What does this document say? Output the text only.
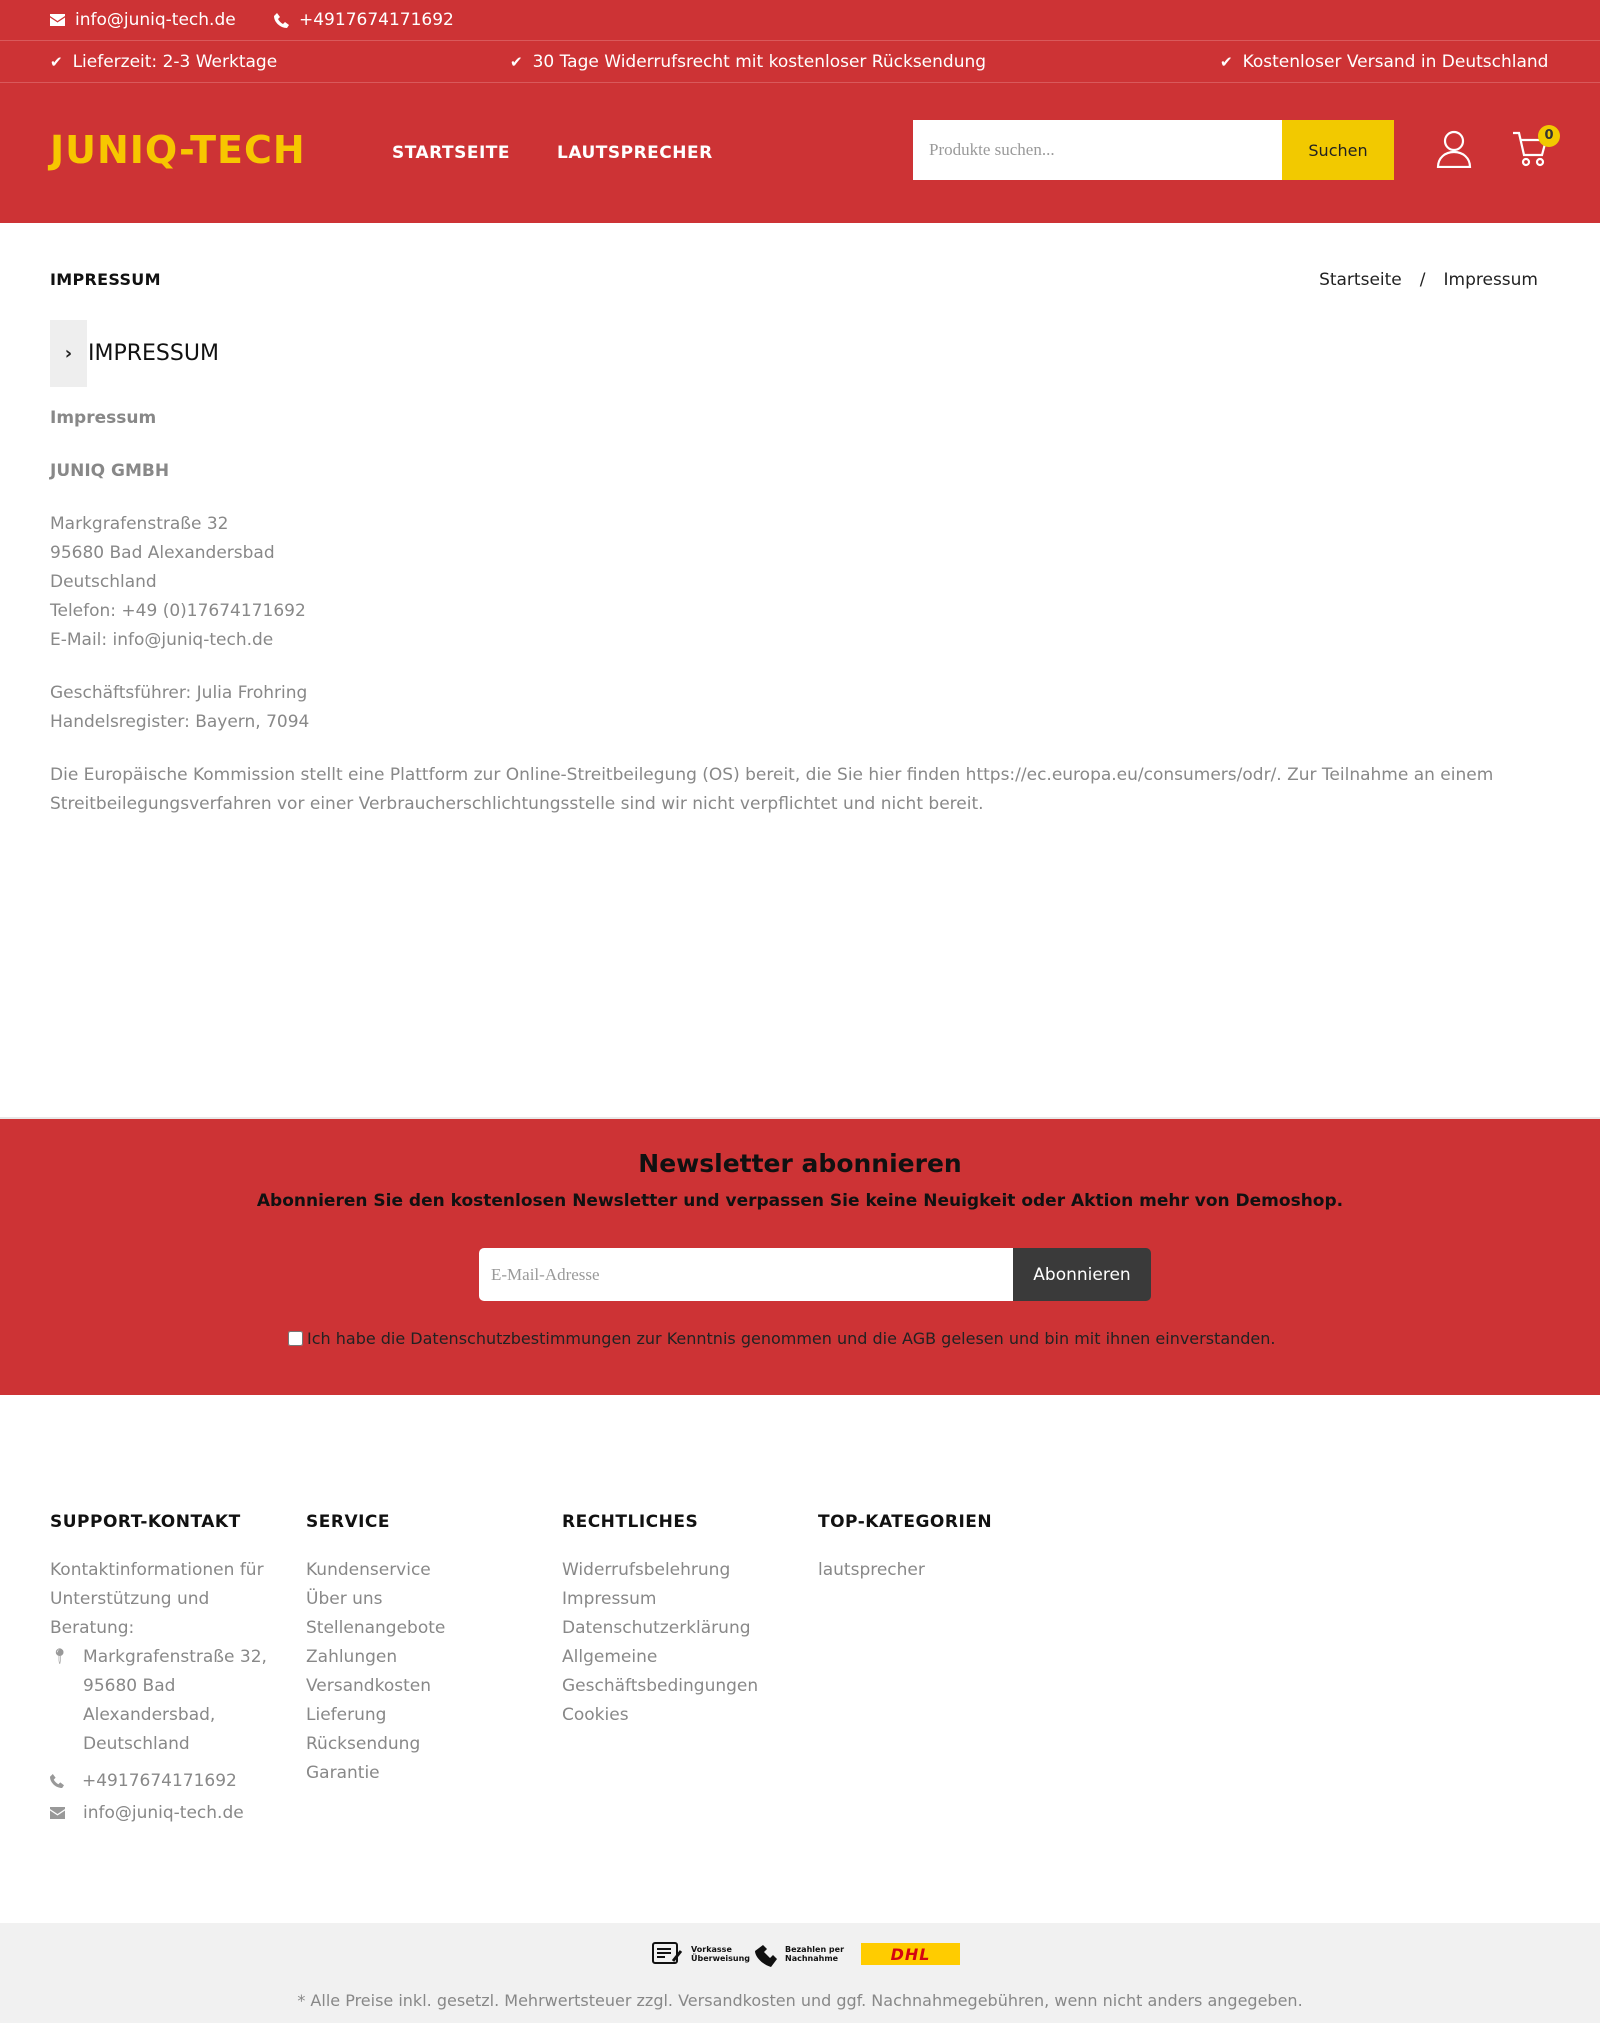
info@juniq-tech.de	+4917674171692
✔ Lieferzeit: 2-3 Werktage	✔ 30 Tage Widerrufsrecht mit kostenloser Rücksendung	✔ Kostenloser Versand in Deutschland
JUNIQ-TECH	STARTSEITE	LAUTSPRECHER
Produkte suchen...	Suchen
0
IMPRESSUM	Startseite / Impressum
› IMPRESSUM

Impressum

JUNIQ GMBH

Markgrafenstraße 32
95680 Bad Alexandersbad
Deutschland
Telefon: +49 (0)17674171692
E-Mail: info@juniq-tech.de

Geschäftsführer: Julia Frohring
Handelsregister: Bayern, 7094

Die Europäische Kommission stellt eine Plattform zur Online-Streitbeilegung (OS) bereit, die Sie hier finden https://ec.europa.eu/consumers/odr/. Zur Teilnahme an einem Streitbeilegungsverfahren vor einer Verbraucherschlichtungsstelle sind wir nicht verpflichtet und nicht bereit.

Newsletter abonnieren
Abonnieren Sie den kostenlosen Newsletter und verpassen Sie keine Neuigkeit oder Aktion mehr von Demoshop.
E-Mail-Adresse
Abonnieren
Ich habe die Datenschutzbestimmungen zur Kenntnis genommen und die AGB gelesen und bin mit ihnen einverstanden.
SUPPORT-KONTAKT
Kontaktinformationen für Unterstützung und Beratung:
📍︎ Markgrafenstraße 32, 95680 Bad Alexandersbad, Deutschland
+4917674171692
info@juniq-tech.de
SERVICE
Kundenservice
Über uns
Stellenangebote
Zahlungen
Versandkosten
Lieferung
Rücksendung
Garantie
RECHTLICHES
Widerrufsbelehrung
Impressum
Datenschutzerklärung
Allgemeine Geschäftsbedingungen
Cookies
TOP-KATEGORIEN
lautsprecher
Vorkasse Überweisung
Bezahlen per Nachnahme	DHL
* Alle Preise inkl. gesetzl. Mehrwertsteuer zzgl. Versandkosten und ggf. Nachnahmegebühren, wenn nicht anders angegeben.
